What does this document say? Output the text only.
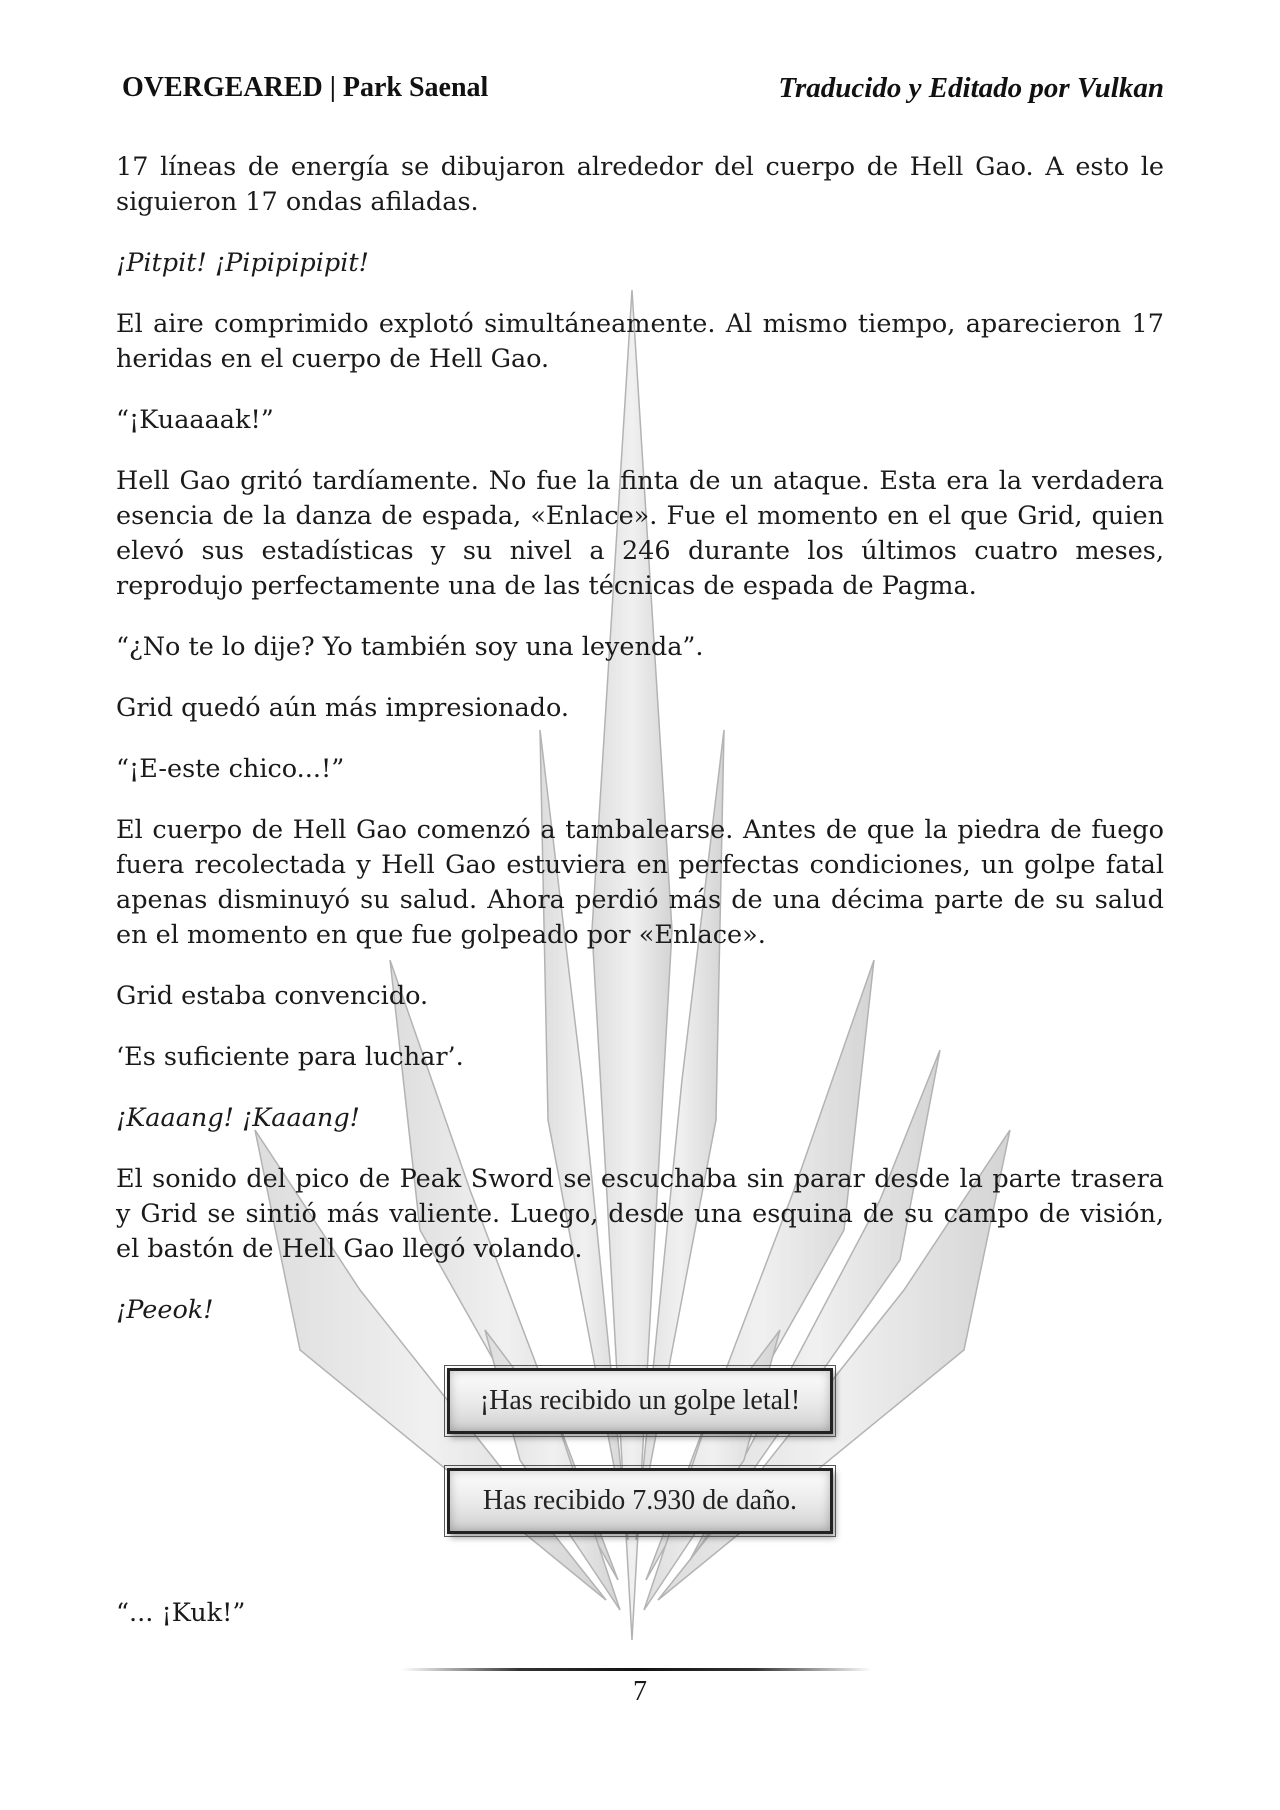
OVERGEARED | Park Saenal	Traducido y Editado por Vulkan

17 líneas de energía se dibujaron alrededor del cuerpo de Hell Gao. A esto le siguieron 17 ondas afiladas.

¡Pitpit! ¡Pipipipipit!

El aire comprimido explotó simultáneamente. Al mismo tiempo, aparecieron 17 heridas en el cuerpo de Hell Gao.

“¡Kuaaaak!”

Hell Gao gritó tardíamente. No fue la finta de un ataque. Esta era la verdadera esencia de la danza de espada, «Enlace». Fue el momento en el que Grid, quien elevó sus estadísticas y su nivel a 246 durante los últimos cuatro meses, reprodujo perfectamente una de las técnicas de espada de Pagma.

“¿No te lo dije? Yo también soy una leyenda”.

Grid quedó aún más impresionado.

“¡E-este chico...!”

El cuerpo de Hell Gao comenzó a tambalearse. Antes de que la piedra de fuego fuera recolectada y Hell Gao estuviera en perfectas condiciones, un golpe fatal apenas disminuyó su salud. Ahora perdió más de una décima parte de su salud en el momento en que fue golpeado por «Enlace».

Grid estaba convencido.

‘Es suficiente para luchar’.

¡Kaaang! ¡Kaaang!

El sonido del pico de Peak Sword se escuchaba sin parar desde la parte trasera y Grid se sintió más valiente. Luego, desde una esquina de su campo de visión, el bastón de Hell Gao llegó volando.

¡Peeok!

¡Has recibido un golpe letal!
Has recibido 7.930 de daño.
“... ¡Kuk!”
7
